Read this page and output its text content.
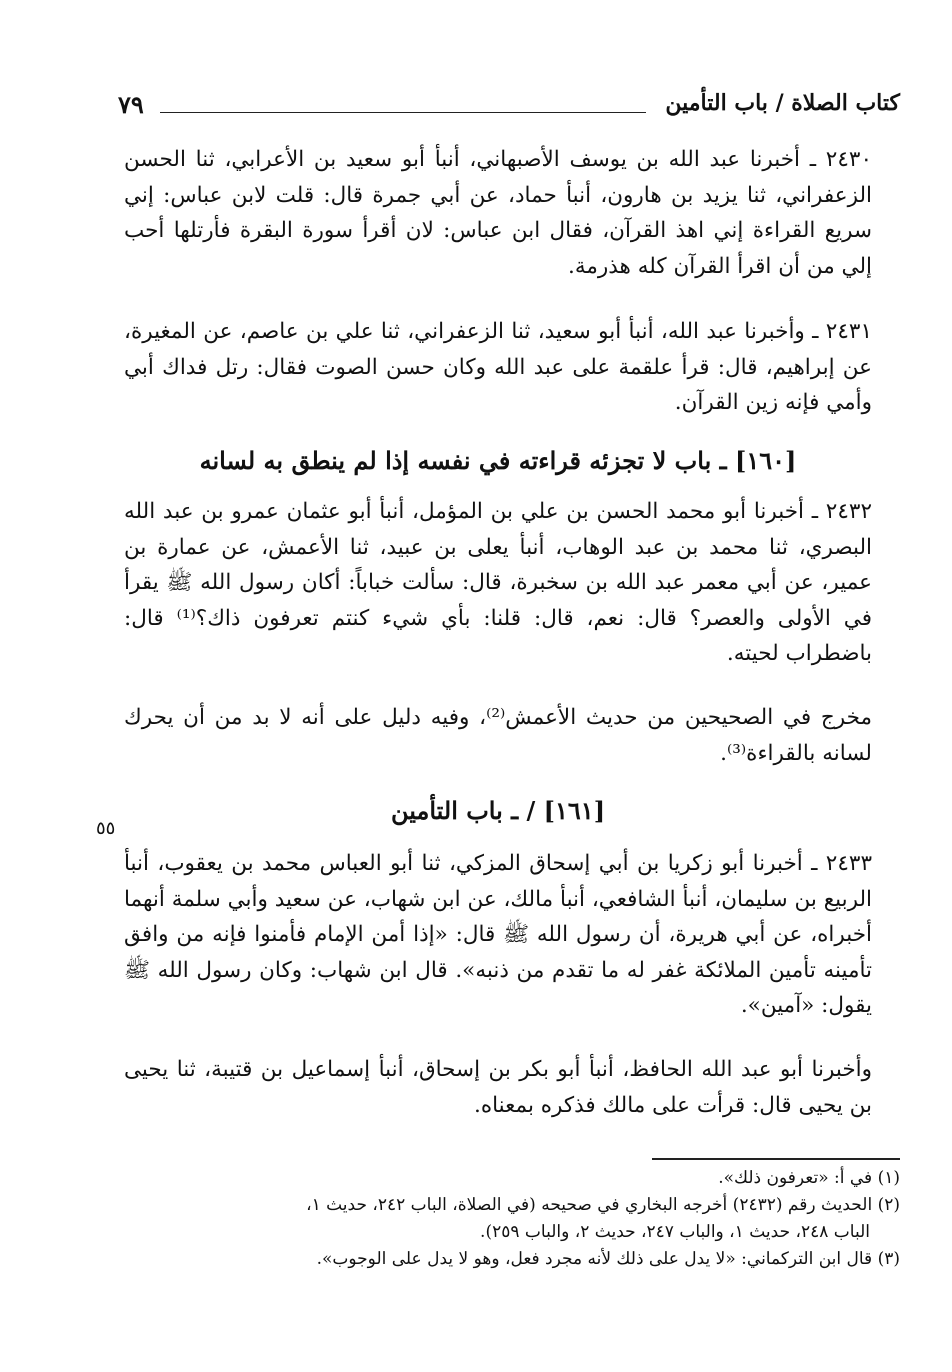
كتاب الصلاة / باب التأمين
٧٩

٢٤٣٠ ـ أخبرنا عبد الله بن يوسف الأصبهاني، أنبأ أبو سعيد بن الأعرابي، ثنا الحسن الزعفراني، ثنا يزيد بن هارون، أنبأ حماد، عن أبي جمرة قال: قلت لابن عباس: إني سريع القراءة إني اهذ القرآن، فقال ابن عباس: لان أقرأ سورة البقرة فأرتلها أحب إلي من أن اقرأ القرآن كله هذرمة.

٢٤٣١ ـ وأخبرنا عبد الله، أنبأ أبو سعيد، ثنا الزعفراني، ثنا علي بن عاصم، عن المغيرة، عن إبراهيم، قال: قرأ علقمة على عبد الله وكان حسن الصوت فقال: رتل فداك أبي وأمي فإنه زين القرآن.

[١٦٠] ـ باب لا تجزئه قراءته في نفسه إذا لم ينطق به لسانه

٢٤٣٢ ـ أخبرنا أبو محمد الحسن بن علي بن المؤمل، أنبأ أبو عثمان عمرو بن عبد الله البصري، ثنا محمد بن عبد الوهاب، أنبأ يعلى بن عبيد، ثنا الأعمش، عن عمارة بن عمير، عن أبي معمر عبد الله بن سخبرة، قال: سألت خباباً: أكان رسول الله ﷺ يقرأ في الأولى والعصر؟ قال: نعم، قال: قلنا: بأي شيء كنتم تعرفون ذاك؟⁽¹⁾ قال: باضطراب لحيته.

مخرج في الصحيحين من حديث الأعمش⁽²⁾، وفيه دليل على أنه لا بد من أن يحرك لسانه بالقراءة⁽³⁾.

[١٦١] / ـ باب التأمين
٥٥

٢٤٣٣ ـ أخبرنا أبو زكريا بن أبي إسحاق المزكي، ثنا أبو العباس محمد بن يعقوب، أنبأ الربيع بن سليمان، أنبأ الشافعي، أنبأ مالك، عن ابن شهاب، عن سعيد وأبي سلمة أنهما أخبراه، عن أبي هريرة، أن رسول الله ﷺ قال: «إذا أمن الإمام فأمنوا فإنه من وافق تأمينه تأمين الملائكة غفر له ما تقدم من ذنبه». قال ابن شهاب: وكان رسول الله ﷺ يقول: «آمين».

وأخبرنا أبو عبد الله الحافظ، أنبأ أبو بكر بن إسحاق، أنبأ إسماعيل بن قتيبة، ثنا يحيى بن يحيى قال: قرأت على مالك فذكره بمعناه.

(١) في أ: «تعرفون ذلك».

(٢) الحديث رقم (٢٤٣٢) أخرجه البخاري في صحيحه (في الصلاة، الباب ٢٤٢، حديث ١،

الباب ٢٤٨، حديث ١، والباب ٢٤٧، حديث ٢، والباب ٢٥٩).

(٣) قال ابن التركماني: «لا يدل على ذلك لأنه مجرد فعل، وهو لا يدل على الوجوب».
